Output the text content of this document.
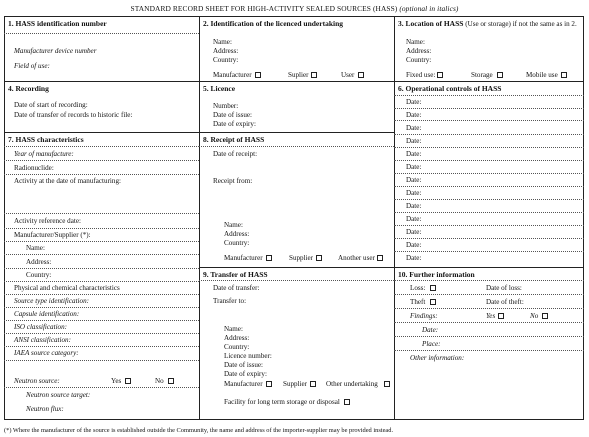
STANDARD RECORD SHEET FOR HIGH-ACTIVITY SEALED SOURCES (HASS) (optional in italics)
1. HASS identification number
Manufacturer device number
Field of use:
2. Identification of the licenced undertaking
Name:
Address:
Country:
Manufacturer	Suplier	User
3. Location of HASS (Use or storage) if not the same as in 2.
Name:
Address:
Country:
Fixed use:	Storage	Mobile use
4. Recording
Date of start of recording:
Date of transfer of records to historic file:
5. Licence
Number:
Date of issue:
Date of expiry:
6. Operational controls of HASS
Date:
Date:
Date:
Date:
Date:
Date:
Date:
Date:
Date:
Date:
Date:
Date:
Date:
7. HASS characteristics
Year of manufacture:
Radionuclide:
Activity at the date of manufacturing:
Activity reference date:
Manufacturer/Supplier (*):
Name:
Address:
Country:
Physical and chemical characteristics
Source type identification:
Capsule identification:
ISO classification:
ANSI classification:
IAEA source category:
Neutron source:	Yes	No
Neutron source target:
Neutron flux:
8. Receipt of HASS
Date of receipt:
Receipt from:
Name:
Address:
Country:
Manufacturer	Supplier	Another user
9. Transfer of HASS
Date of transfer:
Transfer to:
Name:
Address:
Country:
Licence number:
Date of issue:
Date of expiry:
Manufacturer	Supplier	Other undertaking
Facility for long term storage or disposal
10. Further information
Loss:	Date of loss:
Theft	Date of theft:
Findings:	Yes	No
Date:
Place:
Other information:
(*) Where the manufacturer of the source is established outside the Community, the name and address of the importer-supplier may be provided instead.
